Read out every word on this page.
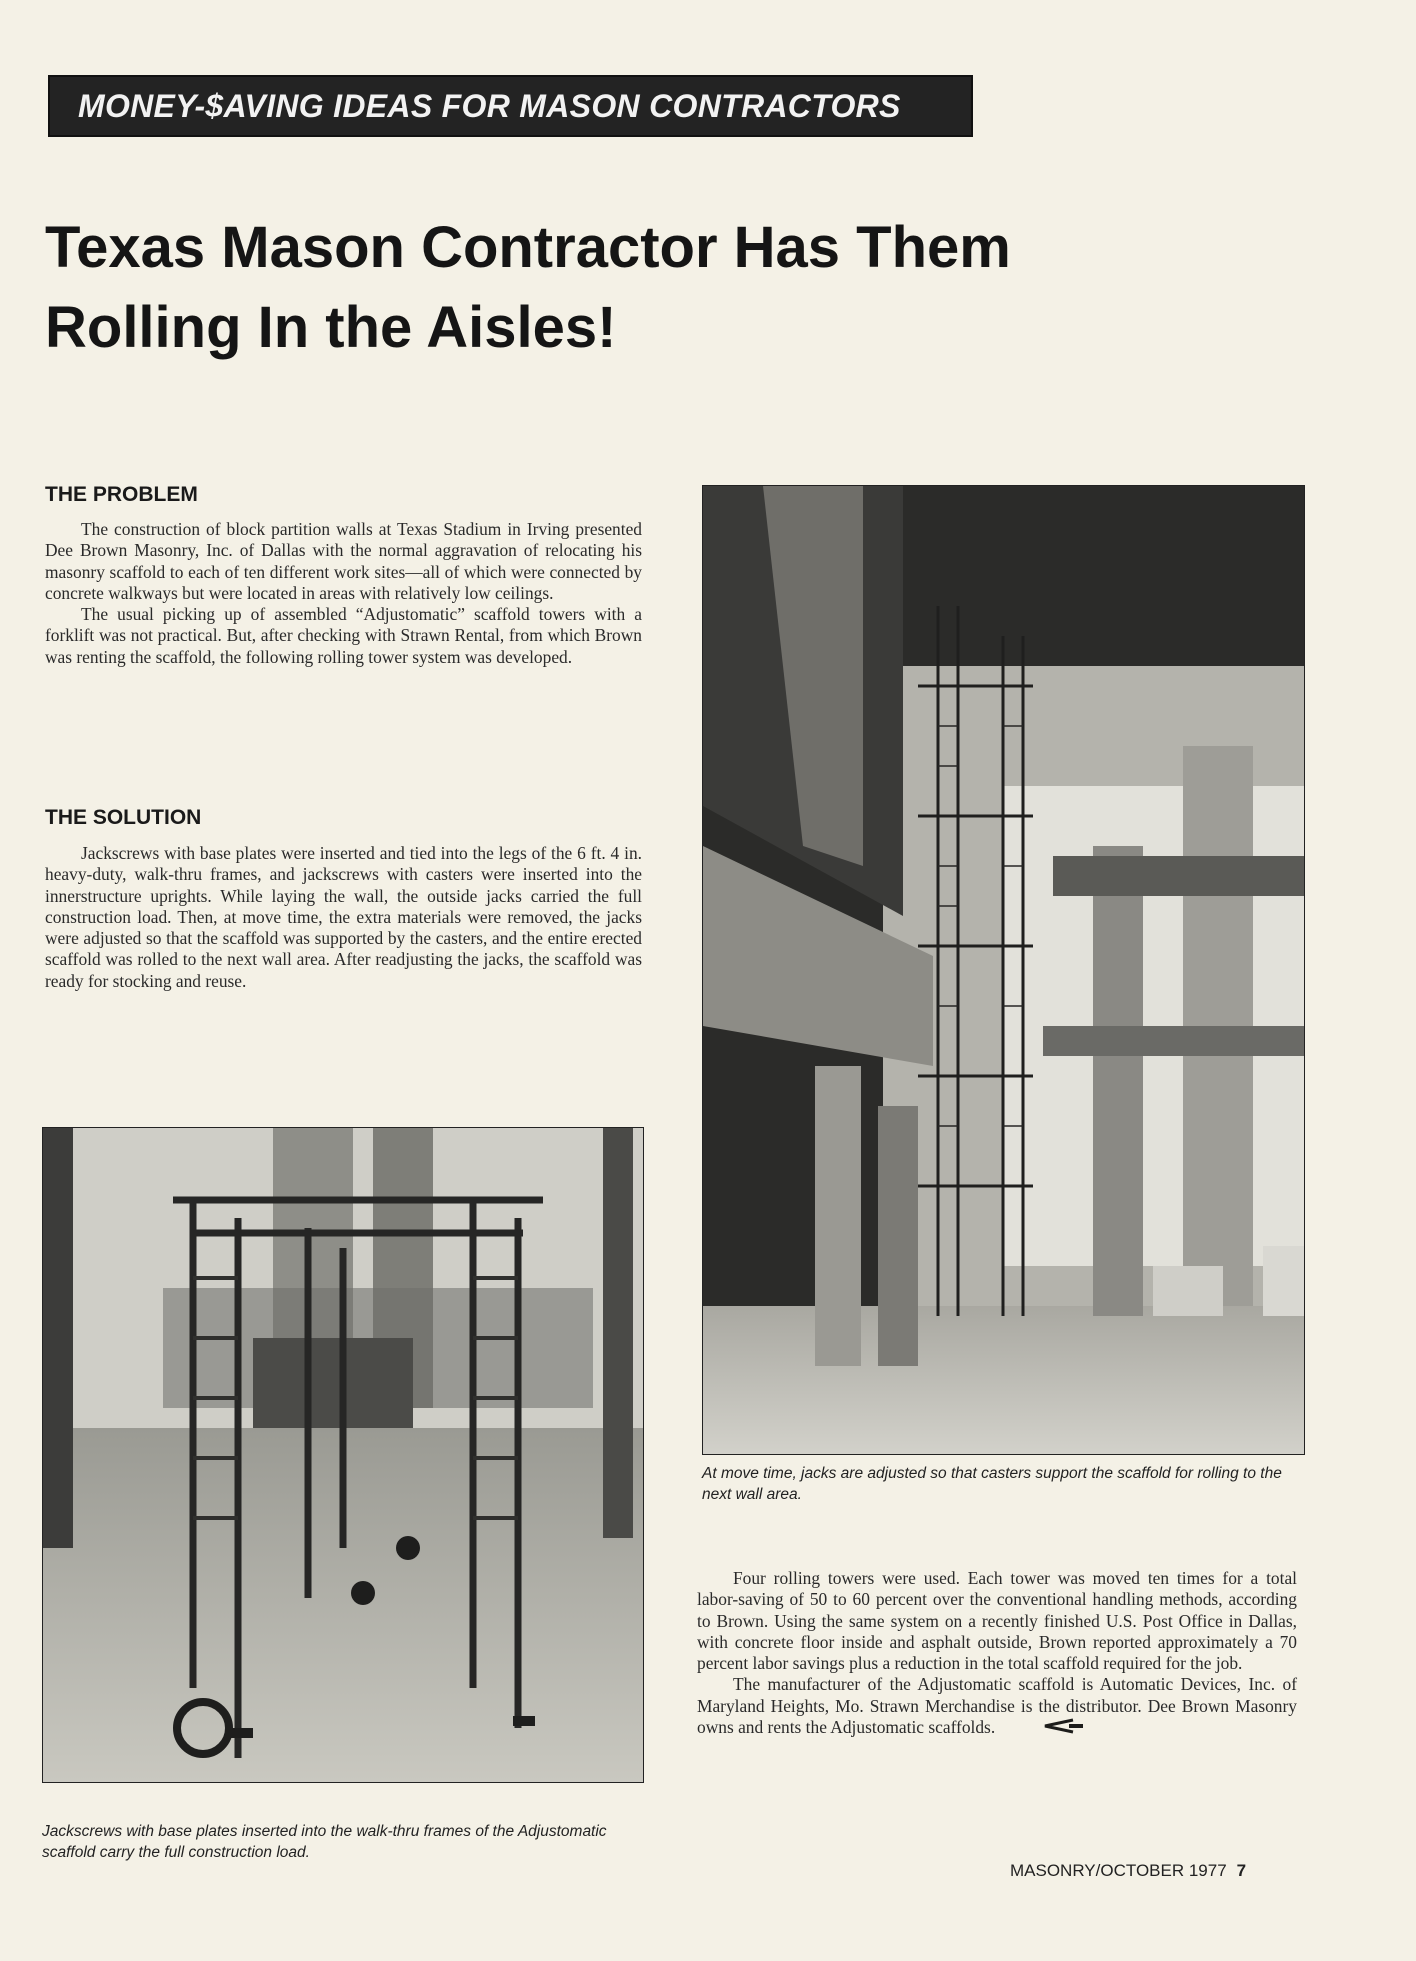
MONEY-$AVING IDEAS FOR MASON CONTRACTORS
Texas Mason Contractor Has Them
Rolling In the Aisles!
THE PROBLEM

The construction of block partition walls at Texas Stadium in Irving presented Dee Brown Masonry, Inc. of Dallas with the normal aggravation of relocating his masonry scaffold to each of ten different work sites—all of which were connected by concrete walkways but were located in areas with relatively low ceilings.

The usual picking up of assembled “Adjustomatic” scaffold towers with a forklift was not practical. But, after checking with Strawn Rental, from which Brown was renting the scaffold, the following rolling tower system was developed.

THE SOLUTION

Jackscrews with base plates were inserted and tied into the legs of the 6 ft. 4 in. heavy-duty, walk-thru frames, and jackscrews with casters were inserted into the innerstructure uprights. While laying the wall, the outside jacks carried the full construction load. Then, at move time, the extra materials were removed, the jacks were adjusted so that the scaffold was supported by the casters, and the entire erected scaffold was rolled to the next wall area. After readjusting the jacks, the scaffold was ready for stocking and reuse.

Jackscrews with base plates inserted into the walk-thru frames of the Adjustomatic scaffold carry the full construction load.
At move time, jacks are adjusted so that casters support the scaffold for rolling to the next wall area.

Four rolling towers were used. Each tower was moved ten times for a total labor-saving of 50 to 60 percent over the conventional handling methods, according to Brown. Using the same system on a recently finished U.S. Post Office in Dallas, with concrete floor inside and asphalt outside, Brown reported approximately a 70 percent labor savings plus a reduction in the total scaffold required for the job.

The manufacturer of the Adjustomatic scaffold is Automatic Devices, Inc. of Maryland Heights, Mo. Strawn Merchandise is the distributor. Dee Brown Masonry owns and rents the Adjustomatic scaffolds.

MASONRY/OCTOBER 1977 7
